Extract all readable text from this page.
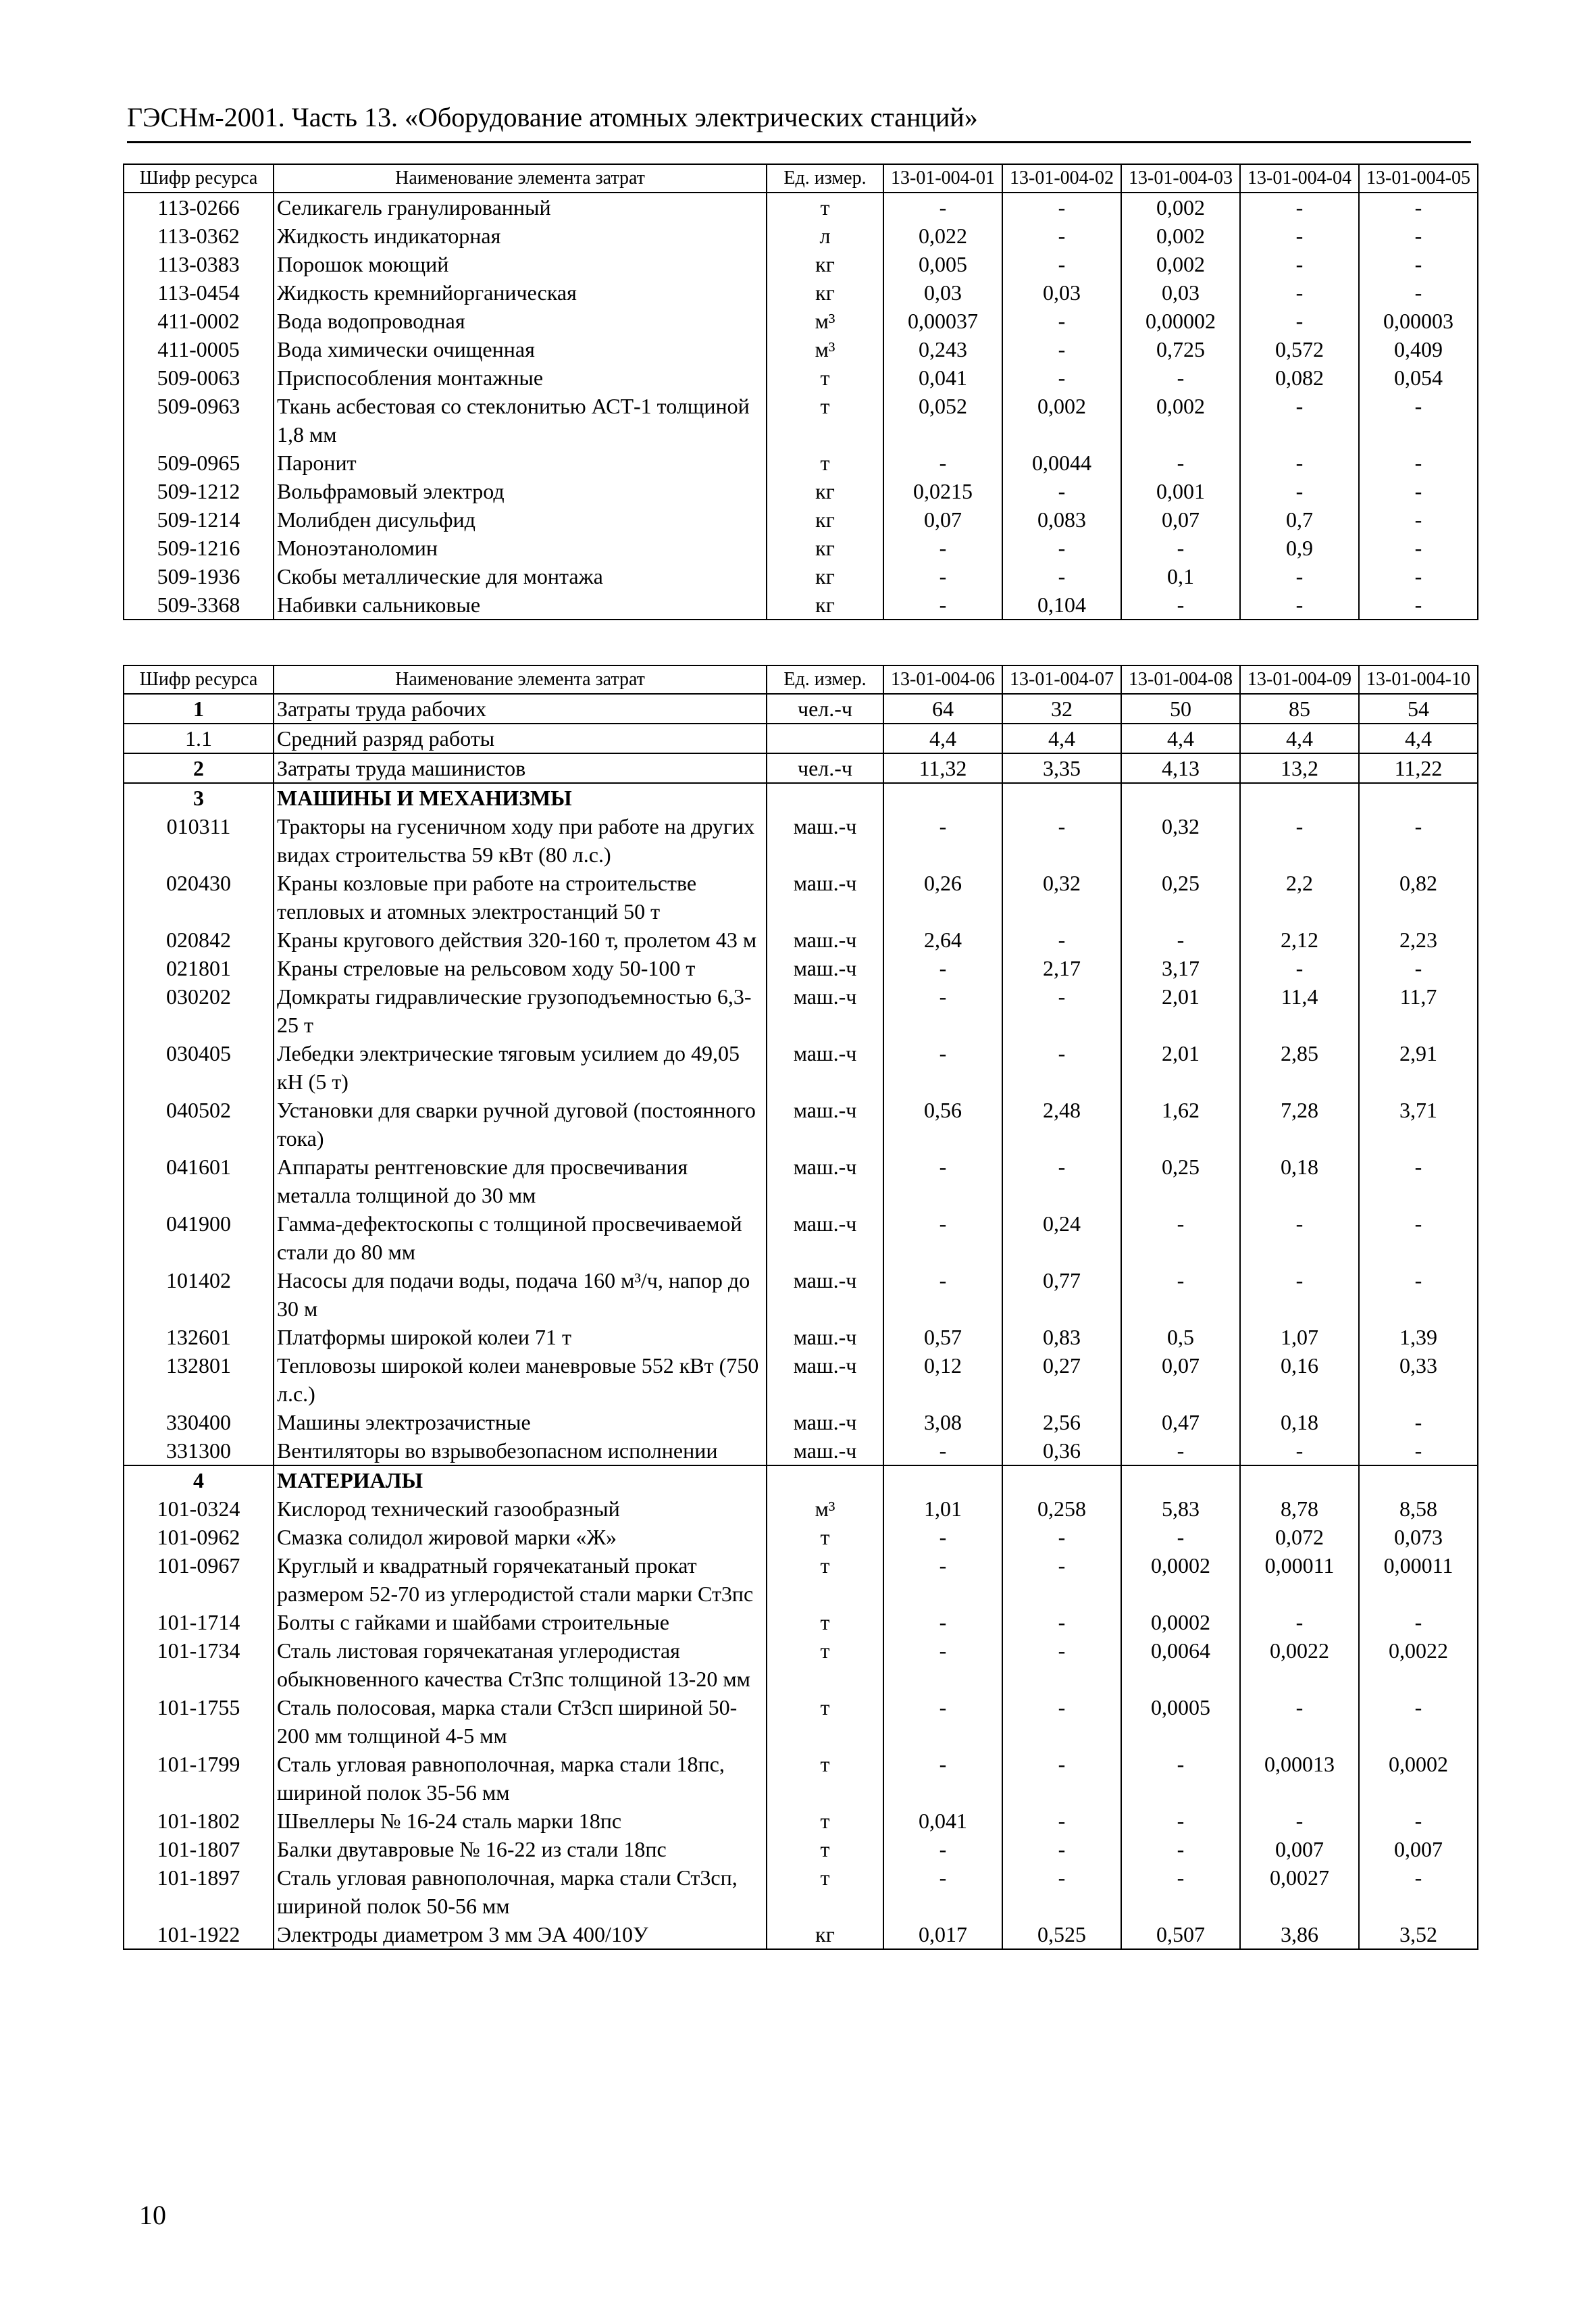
ГЭСНм-2001. Часть 13. «Оборудование атомных электрических станций»
Шифр ресурса	Наименование элемента затрат	Ед. измер.	13-01-004-01	13-01-004-02	13-01-004-03	13-01-004-04	13-01-004-05
113-0266	Селикагель гранулированный	т	-	-	0,002	-	-
113-0362	Жидкость индикаторная	л	0,022	-	0,002	-	-
113-0383	Порошок моющий	кг	0,005	-	0,002	-	-
113-0454	Жидкость кремнийорганическая	кг	0,03	0,03	0,03	-	-
411-0002	Вода водопроводная	м³	0,00037	-	0,00002	-	0,00003
411-0005	Вода химически очищенная	м³	0,243	-	0,725	0,572	0,409
509-0063	Приспособления монтажные	т	0,041	-	-	0,082	0,054
509-0963	Ткань асбестовая со стеклонитью АСТ-1 толщиной 1,8 мм	т	0,052	0,002	0,002	-	-
509-0965	Паронит	т	-	0,0044	-	-	-
509-1212	Вольфрамовый электрод	кг	0,0215	-	0,001	-	-
509-1214	Молибден дисульфид	кг	0,07	0,083	0,07	0,7	-
509-1216	Моноэтаноломин	кг	-	-	-	0,9	-
509-1936	Скобы металлические для монтажа	кг	-	-	0,1	-	-
509-3368	Набивки сальниковые	кг	-	0,104	-	-	-
Шифр ресурса	Наименование элемента затрат	Ед. измер.	13-01-004-06	13-01-004-07	13-01-004-08	13-01-004-09	13-01-004-10
1	Затраты труда рабочих	чел.-ч	64	32	50	85	54
1.1	Средний разряд работы		4,4	4,4	4,4	4,4	4,4
2	Затраты труда машинистов	чел.-ч	11,32	3,35	4,13	13,2	11,22
3	МАШИНЫ И МЕХАНИЗМЫ						
010311	Тракторы на гусеничном ходу при работе на других видах строительства 59 кВт (80 л.с.)	маш.-ч	-	-	0,32	-	-
020430	Краны козловые при работе на строительстве тепловых и атомных электростанций 50 т	маш.-ч	0,26	0,32	0,25	2,2	0,82
020842	Краны кругового действия 320-160 т, пролетом 43 м	маш.-ч	2,64	-	-	2,12	2,23
021801	Краны стреловые на рельсовом ходу 50-100 т	маш.-ч	-	2,17	3,17	-	-
030202	Домкраты гидравлические грузоподъемностью 6,3-25 т	маш.-ч	-	-	2,01	11,4	11,7
030405	Лебедки электрические тяговым усилием до 49,05 кН (5 т)	маш.-ч	-	-	2,01	2,85	2,91
040502	Установки для сварки ручной дуговой (постоянного тока)	маш.-ч	0,56	2,48	1,62	7,28	3,71
041601	Аппараты рентгеновские для просвечивания металла толщиной до 30 мм	маш.-ч	-	-	0,25	0,18	-
041900	Гамма-дефектоскопы с толщиной просвечиваемой стали до 80 мм	маш.-ч	-	0,24	-	-	-
101402	Насосы для подачи воды, подача 160 м³/ч, напор до 30 м	маш.-ч	-	0,77	-	-	-
132601	Платформы широкой колеи 71 т	маш.-ч	0,57	0,83	0,5	1,07	1,39
132801	Тепловозы широкой колеи маневровые 552 кВт (750 л.с.)	маш.-ч	0,12	0,27	0,07	0,16	0,33
330400	Машины электрозачистные	маш.-ч	3,08	2,56	0,47	0,18	-
331300	Вентиляторы во взрывобезопасном исполнении	маш.-ч	-	0,36	-	-	-
4	МАТЕРИАЛЫ						
101-0324	Кислород технический газообразный	м³	1,01	0,258	5,83	8,78	8,58
101-0962	Смазка солидол жировой марки «Ж»	т	-	-	-	0,072	0,073
101-0967	Круглый и квадратный горячекатаный прокат размером 52-70 из углеродистой стали марки Ст3пс	т	-	-	0,0002	0,00011	0,00011
101-1714	Болты с гайками и шайбами строительные	т	-	-	0,0002	-	-
101-1734	Сталь листовая горячекатаная углеродистая обыкновенного качества Ст3пс толщиной 13-20 мм	т	-	-	0,0064	0,0022	0,0022
101-1755	Сталь полосовая, марка стали Ст3сп шириной 50-200 мм толщиной 4-5 мм	т	-	-	0,0005	-	-
101-1799	Сталь угловая равнополочная, марка стали 18пс, шириной полок 35-56 мм	т	-	-	-	0,00013	0,0002
101-1802	Швеллеры № 16-24 сталь марки 18пс	т	0,041	-	-	-	-
101-1807	Балки двутавровые № 16-22 из стали 18пс	т	-	-	-	0,007	0,007
101-1897	Сталь угловая равнополочная, марка стали Ст3сп, шириной полок 50-56 мм	т	-	-	-	0,0027	-
101-1922	Электроды диаметром 3 мм ЭА 400/10У	кг	0,017	0,525	0,507	3,86	3,52
10
